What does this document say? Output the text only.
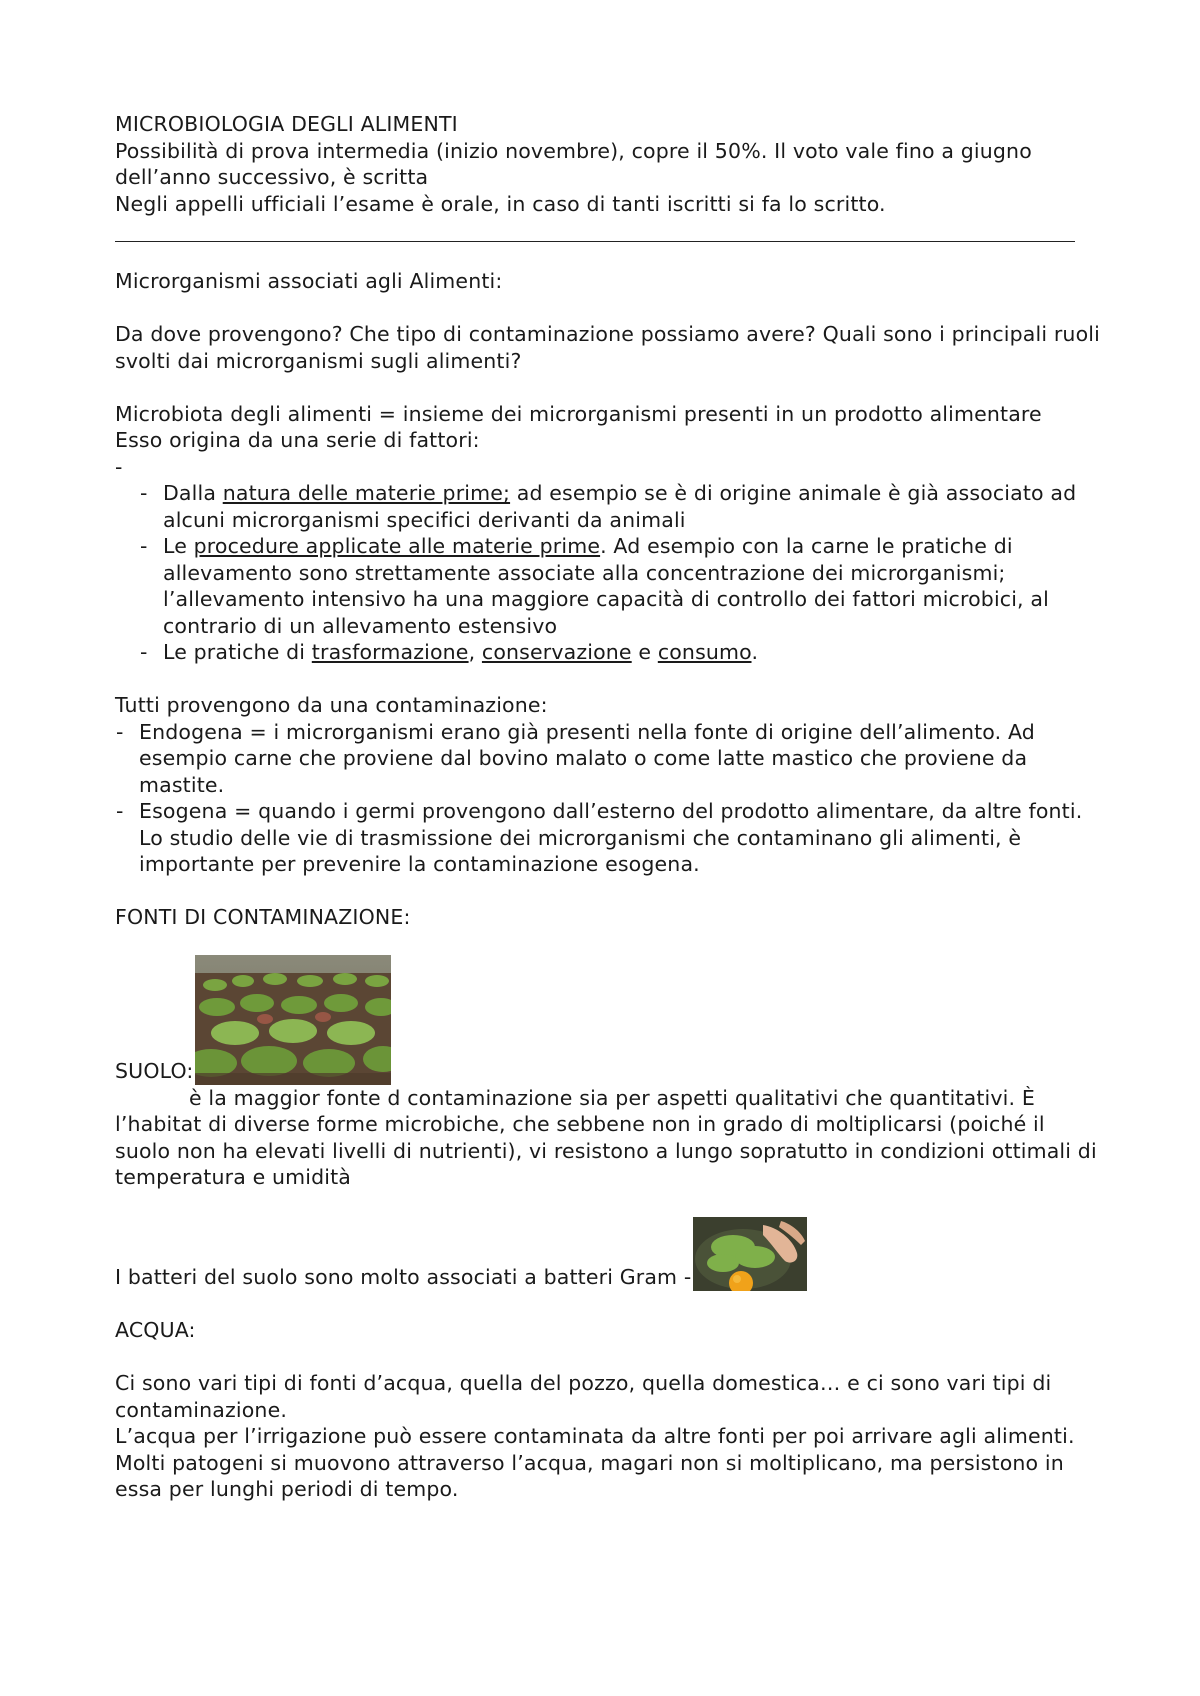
MICROBIOLOGIA DEGLI ALIMENTI

Possibilità di prova intermedia (inizio novembre), copre il 50%. Il voto vale fino a giugno dell’anno successivo, è scritta

Negli appelli ufficiali l’esame è orale, in caso di tanti iscritti si fa lo scritto.

Microrganismi associati agli Alimenti:

Da dove provengono? Che tipo di contaminazione possiamo avere? Quali sono i principali ruoli svolti dai microrganismi sugli alimenti?

Microbiota degli alimenti = insieme dei microrganismi presenti in un prodotto alimentare

Esso origina da una serie di fattori:

-

- Dalla natura delle materie prime; ad esempio se è di origine animale è già associato ad alcuni microrganismi specifici derivanti da animali
- Le procedure applicate alle materie prime. Ad esempio con la carne le pratiche di allevamento sono strettamente associate alla concentrazione dei microrganismi; l’allevamento intensivo ha una maggiore capacità di controllo dei fattori microbici, al contrario di un allevamento estensivo
- Le pratiche di trasformazione, conservazione e consumo.

Tutti provengono da una contaminazione:

- Endogena = i microrganismi erano già presenti nella fonte di origine dell’alimento. Ad esempio carne che proviene dal bovino malato o come latte mastico che proviene da mastite.
- Esogena = quando i germi provengono dall’esterno del prodotto alimentare, da altre fonti. Lo studio delle vie di trasmissione dei microrganismi che contaminano gli alimenti, è importante per prevenire la contaminazione esogena.

FONTI DI CONTAMINAZIONE:

SUOLO:

è la maggior fonte d contaminazione sia per aspetti qualitativi che quantitativi. È l’habitat di diverse forme microbiche, che sebbene non in grado di moltiplicarsi (poiché il suolo non ha elevati livelli di nutrienti), vi resistono a lungo sopratutto in condizioni ottimali di temperatura e umidità

I batteri del suolo sono molto associati a batteri Gram -

ACQUA:

Ci sono vari tipi di fonti d’acqua, quella del pozzo, quella domestica… e ci sono vari tipi di contaminazione.

L’acqua per l’irrigazione può essere contaminata da altre fonti per poi arrivare agli alimenti. Molti patogeni si muovono attraverso l’acqua, magari non si moltiplicano, ma persistono in essa per lunghi periodi di tempo.
